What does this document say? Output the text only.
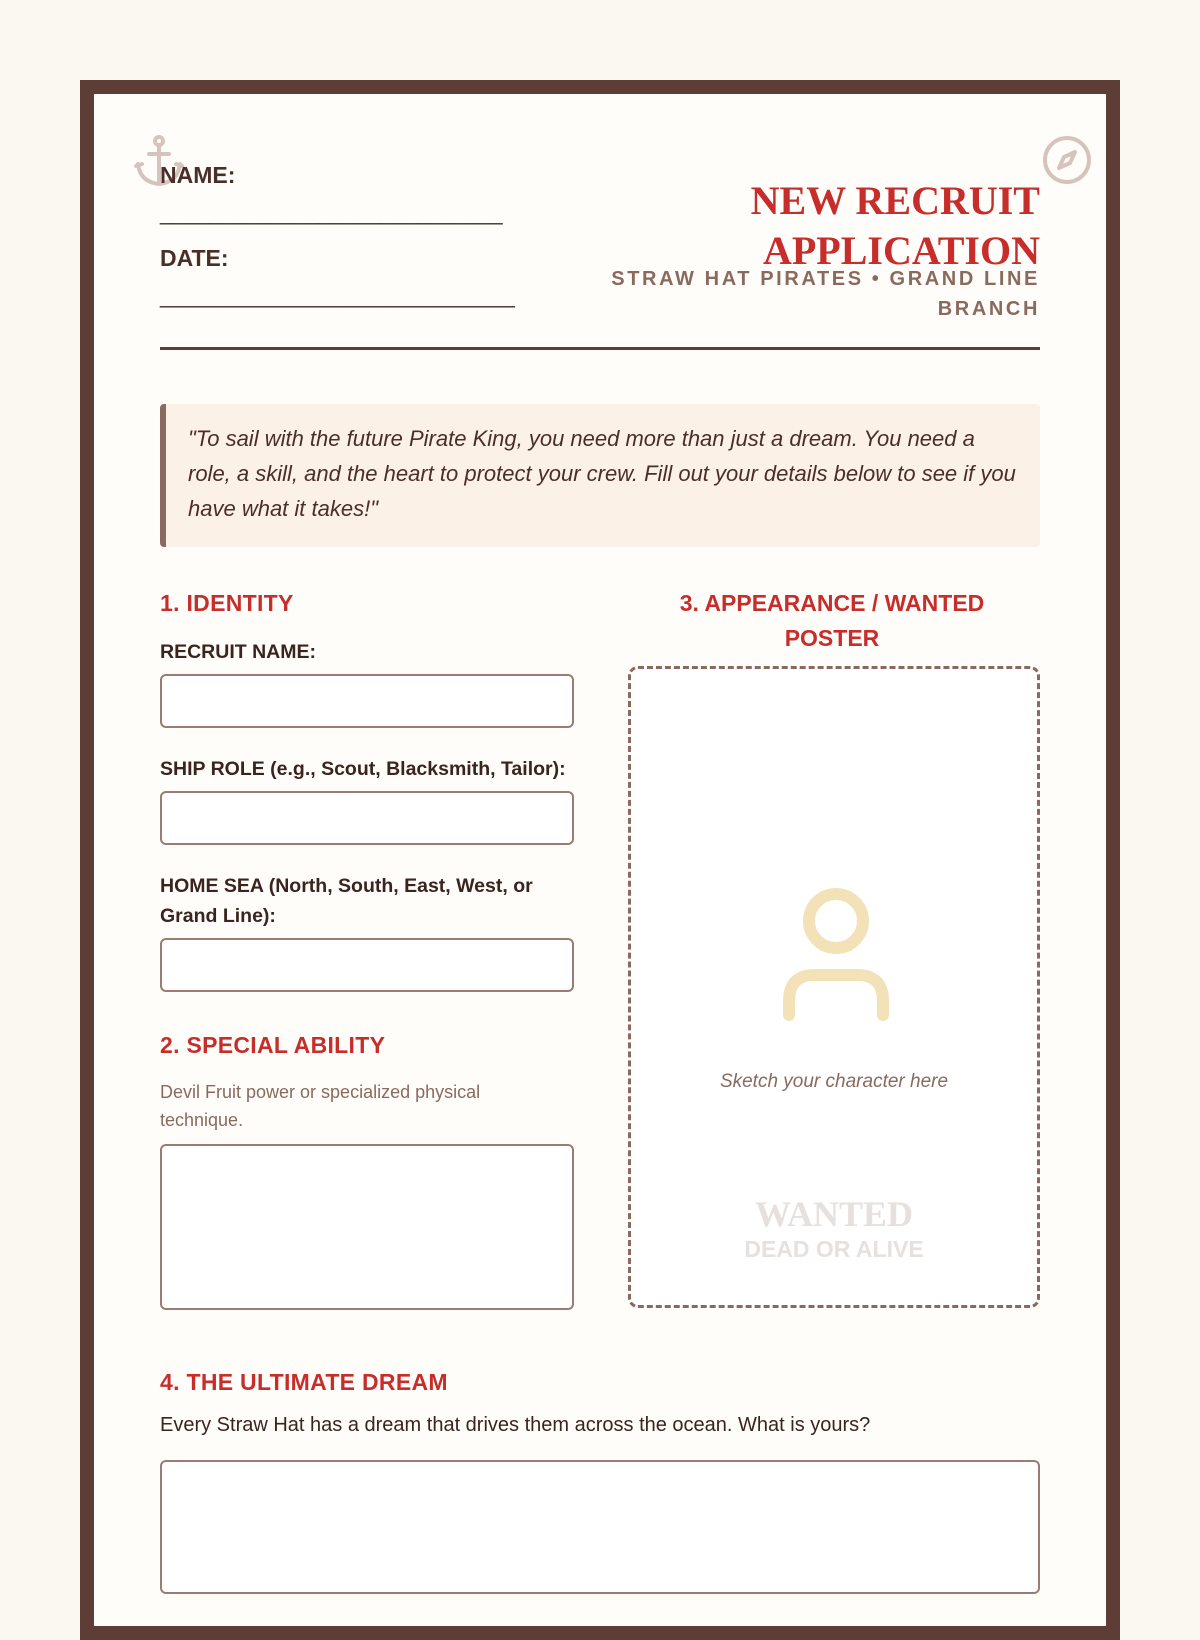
NAME:
____________________________
DATE:
_____________________________
NEW RECRUIT
APPLICATION
STRAW HAT PIRATES • GRAND LINE
BRANCH
"To sail with the future Pirate King, you need more than just a dream. You need a role, a skill, and the heart to protect your crew. Fill out your details below to see if you have what it takes!"
1. IDENTITY
RECRUIT NAME:
SHIP ROLE (e.g., Scout, Blacksmith, Tailor):
HOME SEA (North, South, East, West, or
Grand Line):
2. SPECIAL ABILITY
Devil Fruit power or specialized physical
technique.
3. APPEARANCE / WANTED
POSTER
Sketch your character here
WANTED
DEAD OR ALIVE
4. THE ULTIMATE DREAM
Every Straw Hat has a dream that drives them across the ocean. What is yours?
